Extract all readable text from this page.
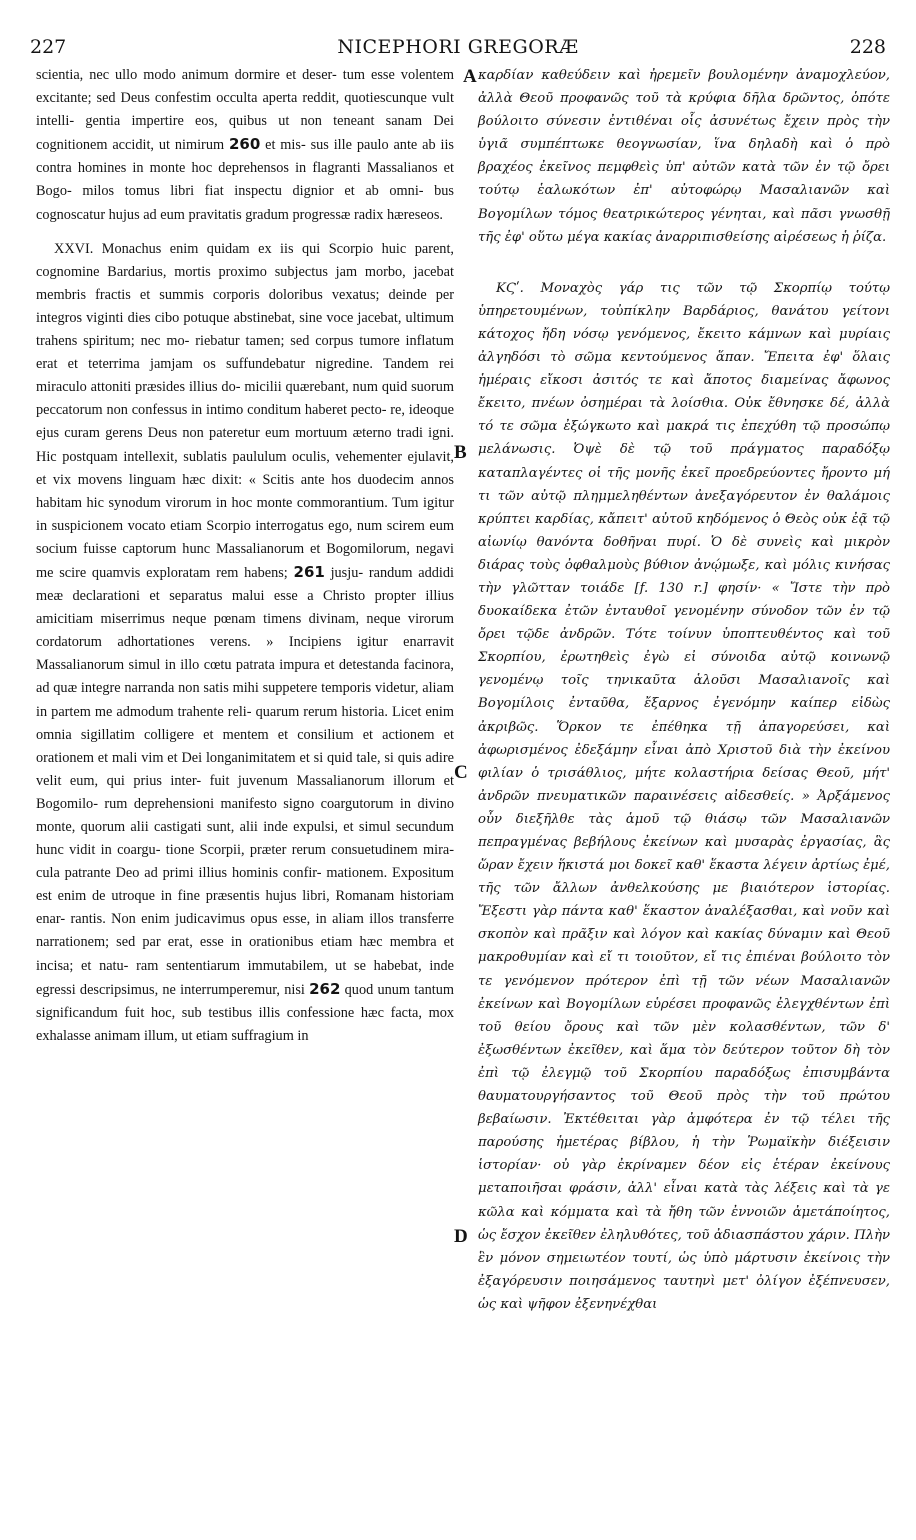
227	NICEPHORI GREGORÆ	228

scientia, nec ullo modo animum dormire et deser- tum esse volentem excitante; sed Deus confestim occulta aperta reddit, quotiescunque vult intelli- gentia impertire eos, quibus ut non teneant sanam Dei cognitionem accidit, ut nimirum 260 et mis- sus ille paulo ante ab iis contra homines in monte hoc deprehensos in flagranti Massalianos et Bogo- milos tomus libri fiat inspectu dignior et ab omni- bus cognoscatur hujus ad eum pravitatis gradum progressæ radix hæreseos.

XXVI. Monachus enim quidam ex iis qui Scorpio huic parent, cognomine Bardarius, mortis proximo subjectus jam morbo, jacebat membris fractis et summis corporis doloribus vexatus; deinde per integros viginti dies cibo potuque abstinebat, sine voce jacebat, ultimum trahens spiritum; nec mo- riebatur tamen; sed corpus tumore inflatum erat et teterrima jamjam os suffundebatur nigredine. Tandem rei miraculo attoniti præsides illius do- micilii quærebant, num quid suorum peccatorum non confessus in intimo conditum haberet pecto- re, ideoque ejus curam gerens Deus non pateretur eum mortuum æterno tradi igni. Hic postquam intellexit, sublatis paululum oculis, vehementer ejulavit, et vix movens linguam hæc dixit: « Scitis ante hos duodecim annos habitam hic synodum virorum in hoc monte commorantium. Tum igitur in suspicionem vocato etiam Scorpio interrogatus ego, num scirem eum socium fuisse captorum hunc Massalianorum et Bogomilorum, negavi me scire quamvis exploratam rem habens; 261 jusju- randum addidi meæ declarationi et separatus malui esse a Christo propter illius amicitiam miserrimus neque pœnam timens divinam, neque virorum cordatorum adhortationes verens. » Incipiens igitur enarravit Massalianorum simul in illo cœtu patrata impura et detestanda facinora, ad quæ integre narranda non satis mihi suppetere temporis videtur, aliam in partem me admodum trahente reli- quarum rerum historia. Licet enim omnia sigillatim colligere et mentem et consilium et actionem et orationem et mali vim et Dei longanimitatem et si quid tale, si quis adire velit eum, qui prius inter- fuit juvenum Massalianorum illorum et Bogomilo- rum deprehensioni manifesto signo coargutorum in divino monte, quorum alii castigati sunt, alii inde expulsi, et simul secundum hunc vidit in coargu- tione Scorpii, præter rerum consuetudinem mira- cula patrante Deo ad primi illius hominis confir- mationem. Expositum est enim de utroque in fine præsentis hujus libri, Romanam historiam enar- rantis. Non enim judicavimus opus esse, in aliam illos transferre narrationem; sed par erat, esse in orationibus etiam hæc membra et incisa; et natu- ram sententiarum immutabilem, ut se habebat, inde egressi descripsimus, ne interrumperemur, nisi 262 quod unum tantum significandum fuit hoc, sub testibus illis confessione hæc facta, mox exhalasse animam illum, ut etiam suffragium in

A
B
C
D

καρδίαν καθεύδειν καὶ ἠρεμεῖν βουλομένην ἀναμοχλεύον, ἀλλὰ Θεοῦ προφανῶς τοῦ τὰ κρύφια δῆλα δρῶντος, ὁπότε βούλοιτο σύνεσιν ἐντιθέναι οἷς ἀσυνέτως ἔχειν πρὸς τὴν ὑγιᾶ συμπέπτωκε θεογνωσίαν, ἵνα δηλαδὴ καὶ ὁ πρὸ βραχέος ἐκεῖνος πεμφθεὶς ὑπ' αὐτῶν κατὰ τῶν ἐν τῷ ὄρει τούτῳ ἑαλωκότων ἐπ' αὐτοφώρῳ Μασαλιανῶν καὶ Βογομίλων τόμος θεατρικώτερος γένηται, καὶ πᾶσι γνωσθῇ τῆς ἐφ' οὕτω μέγα κακίας ἀναρριπισθείσης αἱρέσεως ἡ ῥίζα.

ΚϚʹ. Μοναχὸς γάρ τις τῶν τῷ Σκορπίῳ τούτῳ ὑπηρετουμένων, τοὐπίκλην Βαρδάριος, θανάτου γείτονι κάτοχος ἤδη νόσῳ γενόμενος, ἔκειτο κάμνων καὶ μυρίαις ἀλγηδόσι τὸ σῶμα κεντούμενος ἅπαν. Ἔπειτα ἐφ' ὅλαις ἡμέραις εἴκοσι ἀσιτός τε καὶ ἄποτος διαμείνας ἄφωνος ἔκειτο, πνέων ὀσημέραι τὰ λοίσθια. Οὐκ ἔθνησκε δέ, ἀλλὰ τό τε σῶμα ἐξώγκωτο καὶ μακρά τις ἐπεχύθη τῷ προσώπῳ μελάνωσις. Ὀψὲ δὲ τῷ τοῦ πράγματος παραδόξῳ καταπλαγέντες οἱ τῆς μονῆς ἐκεῖ προεδρεύοντες ἤροντο μή τι τῶν αὐτῷ πλημμεληθέντων ἀνεξαγόρευτον ἐν θαλάμοις κρύπτει καρδίας, κἄπειτ' αὐτοῦ κηδόμενος ὁ Θεὸς οὐκ ἐᾷ τῷ αἰωνίῳ θανόντα δοθῆναι πυρί. Ὁ δὲ συνεὶς καὶ μικρὸν διάρας τοὺς ὀφθαλμοὺς βύθιον ἀνῴμωξε, καὶ μόλις κινήσας τὴν γλῶτταν τοιάδε [f. 130 r.] φησίν· « Ἴστε τὴν πρὸ δυοκαίδεκα ἐτῶν ἐνταυθοῖ γενομένην σύνοδον τῶν ἐν τῷ ὄρει τῷδε ἀνδρῶν. Τότε τοίνυν ὑποπτευθέντος καὶ τοῦ Σκορπίου, ἐρωτηθεὶς ἐγὼ εἰ σύνοιδα αὐτῷ κοινωνῷ γενομένῳ τοῖς τηνικαῦτα ἁλοῦσι Μασαλιανοῖς καὶ Βογομίλοις ἐνταῦθα, ἔξαρνος ἐγενόμην καίπερ εἰδὼς ἀκριβῶς. Ὅρκον τε ἐπέθηκα τῇ ἀπαγορεύσει, καὶ ἀφωρισμένος ἐδεξάμην εἶναι ἀπὸ Χριστοῦ διὰ τὴν ἐκείνου φιλίαν ὁ τρισάθλιος, μήτε κολαστήρια δείσας Θεοῦ, μήτ' ἀνδρῶν πνευματικῶν παραινέσεις αἰδεσθείς. » Ἀρξάμενος οὖν διεξῆλθε τὰς ἁμοῦ τῷ θιάσῳ τῶν Μασαλιανῶν πεπραγμένας βεβήλους ἐκείνων καὶ μυσαρὰς ἐργασίας, ἃς ὥραν ἔχειν ἥκιστά μοι δοκεῖ καθ' ἕκαστα λέγειν ἀρτίως ἐμέ, τῆς τῶν ἄλλων ἀνθελκούσης με βιαιότερον ἱστορίας. Ἔξεστι γὰρ πάντα καθ' ἕκαστον ἀναλέξασθαι, καὶ νοῦν καὶ σκοπὸν καὶ πρᾶξιν καὶ λόγον καὶ κακίας δύναμιν καὶ Θεοῦ μακροθυμίαν καὶ εἴ τι τοιοῦτον, εἴ τις ἐπιέναι βούλοιτο τὸν τε γενόμενον πρότερον ἐπὶ τῇ τῶν νέων Μασαλιανῶν ἐκείνων καὶ Βογομίλων εὑρέσει προφανῶς ἐλεγχθέντων ἐπὶ τοῦ θείου ὄρους καὶ τῶν μὲν κολασθέντων, τῶν δ' ἐξωσθέντων ἐκεῖθεν, καὶ ἅμα τὸν δεύτερον τοῦτον δὴ τὸν ἐπὶ τῷ ἐλεγμῷ τοῦ Σκορπίου παραδόξως ἐπισυμβάντα θαυματουργήσαντος τοῦ Θεοῦ πρὸς τὴν τοῦ πρώτου βεβαίωσιν. Ἐκτέθειται γὰρ ἀμφότερα ἐν τῷ τέλει τῆς παρούσης ἡμετέρας βίβλου, ἡ τὴν Ῥωμαϊκὴν διέξεισιν ἱστορίαν· οὐ γὰρ ἐκρίναμεν δέον εἰς ἑτέραν ἐκείνους μεταποιῆσαι φράσιν, ἀλλ' εἶναι κατὰ τὰς λέξεις καὶ τὰ γε κῶλα καὶ κόμματα καὶ τὰ ἤθη τῶν ἐννοιῶν ἀμετάποίητος, ὡς ἔσχον ἐκεῖθεν ἐληλυθότες, τοῦ ἀδιασπάστου χάριν. Πλὴν ἓν μόνον σημειωτέον τουτί, ὡς ὑπὸ μάρτυσιν ἐκείνοις τὴν ἐξαγόρευσιν ποιησάμενος ταυτηνὶ μετ' ὀλίγον ἐξέπνευσεν, ὡς καὶ ψῆφον ἐξενηνέχθαι
